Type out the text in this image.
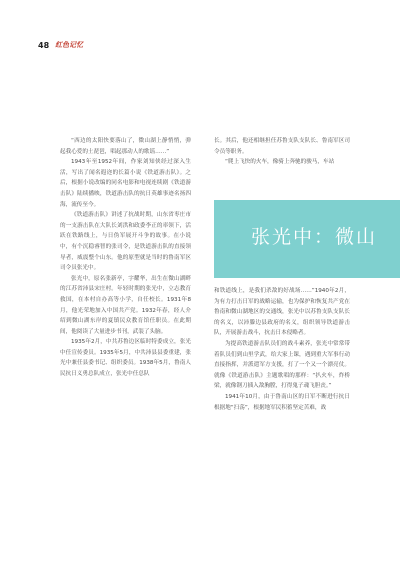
48 红色记忆

“西边的太阳快要落山了，微山湖上静悄悄，弹起我心爱的土琵琶，唱起那动人的歌谣……”

1943年至1952年间，作家刘知侠经过深入生活，写出了闻名遐迩的长篇小说《铁道游击队》。之后，根据小说改编的同名电影和电视连续剧《铁道游击队》陆续播映，铁道游击队的抗日英雄事迹名扬四海，流传至今。

《铁道游击队》讲述了抗战时期，山东省枣庄市的一支游击队在大队长刘洪和政委李正的率领下，活跃在铁路线上，与日伪军展开斗争的故事。在小说中，有个沉稳睿智的张司令，是铁道游击队的直接领导者，威震整个山东。他的原型就是当时的鲁南军区司令员张光中。

张光中，原名张新亭，字耀华，出生在微山湖畔的江苏省沛县宋庄村。年轻时期的张光中，立志教育救国，在本村自办高等小学，自任校长。1931年8月，他光荣地加入中国共产党。1932年春，经人介绍到微山湖东岸的夏镇民众教育馆任职员。在此期间，他阅读了大量进步书刊，武装了头脑。

1935年2月，中共苏鲁边区临时特委成立，张光中任宣传委员。1935年5月，中共沛县县委重建，张光中兼任县委书记、组织委员。1938年5月，鲁南人民抗日义勇总队成立，张光中任总队

长。其后，他还相继担任苏鲁支队支队长、鲁南军区司令员等职务。

“爬上飞快的火车，像骑上奔驰的骏马，车站

张光中：微山

和铁道线上，是我们杀敌的好战场……”1940年2月，为有力打击日军的战略运输，也为保护和恢复共产党在鲁南和微山湖地区的交通线，张光中以苏鲁支队支队长的名义，以沛滕边县政府的名义，组织领导铁道游击队，开展游击战斗，抗击日本侵略者。

为提高铁道游击队员们的战斗素养，张光中常常带着队员们到山里学武，给大家上课，遇到重大军事行动直接指挥，并派遣军方支援，打了一个又一个漂亮仗。就像《铁道游击队》主题歌唱的那样：“扒火车，炸桥梁，就像钢刀插入敌胸膛，打得鬼子魂飞胆丧。”

1941年10月，由于鲁南山区的日军不断进行抗日根据地“扫荡”，根据地军民积蓄坚定苦难，战
